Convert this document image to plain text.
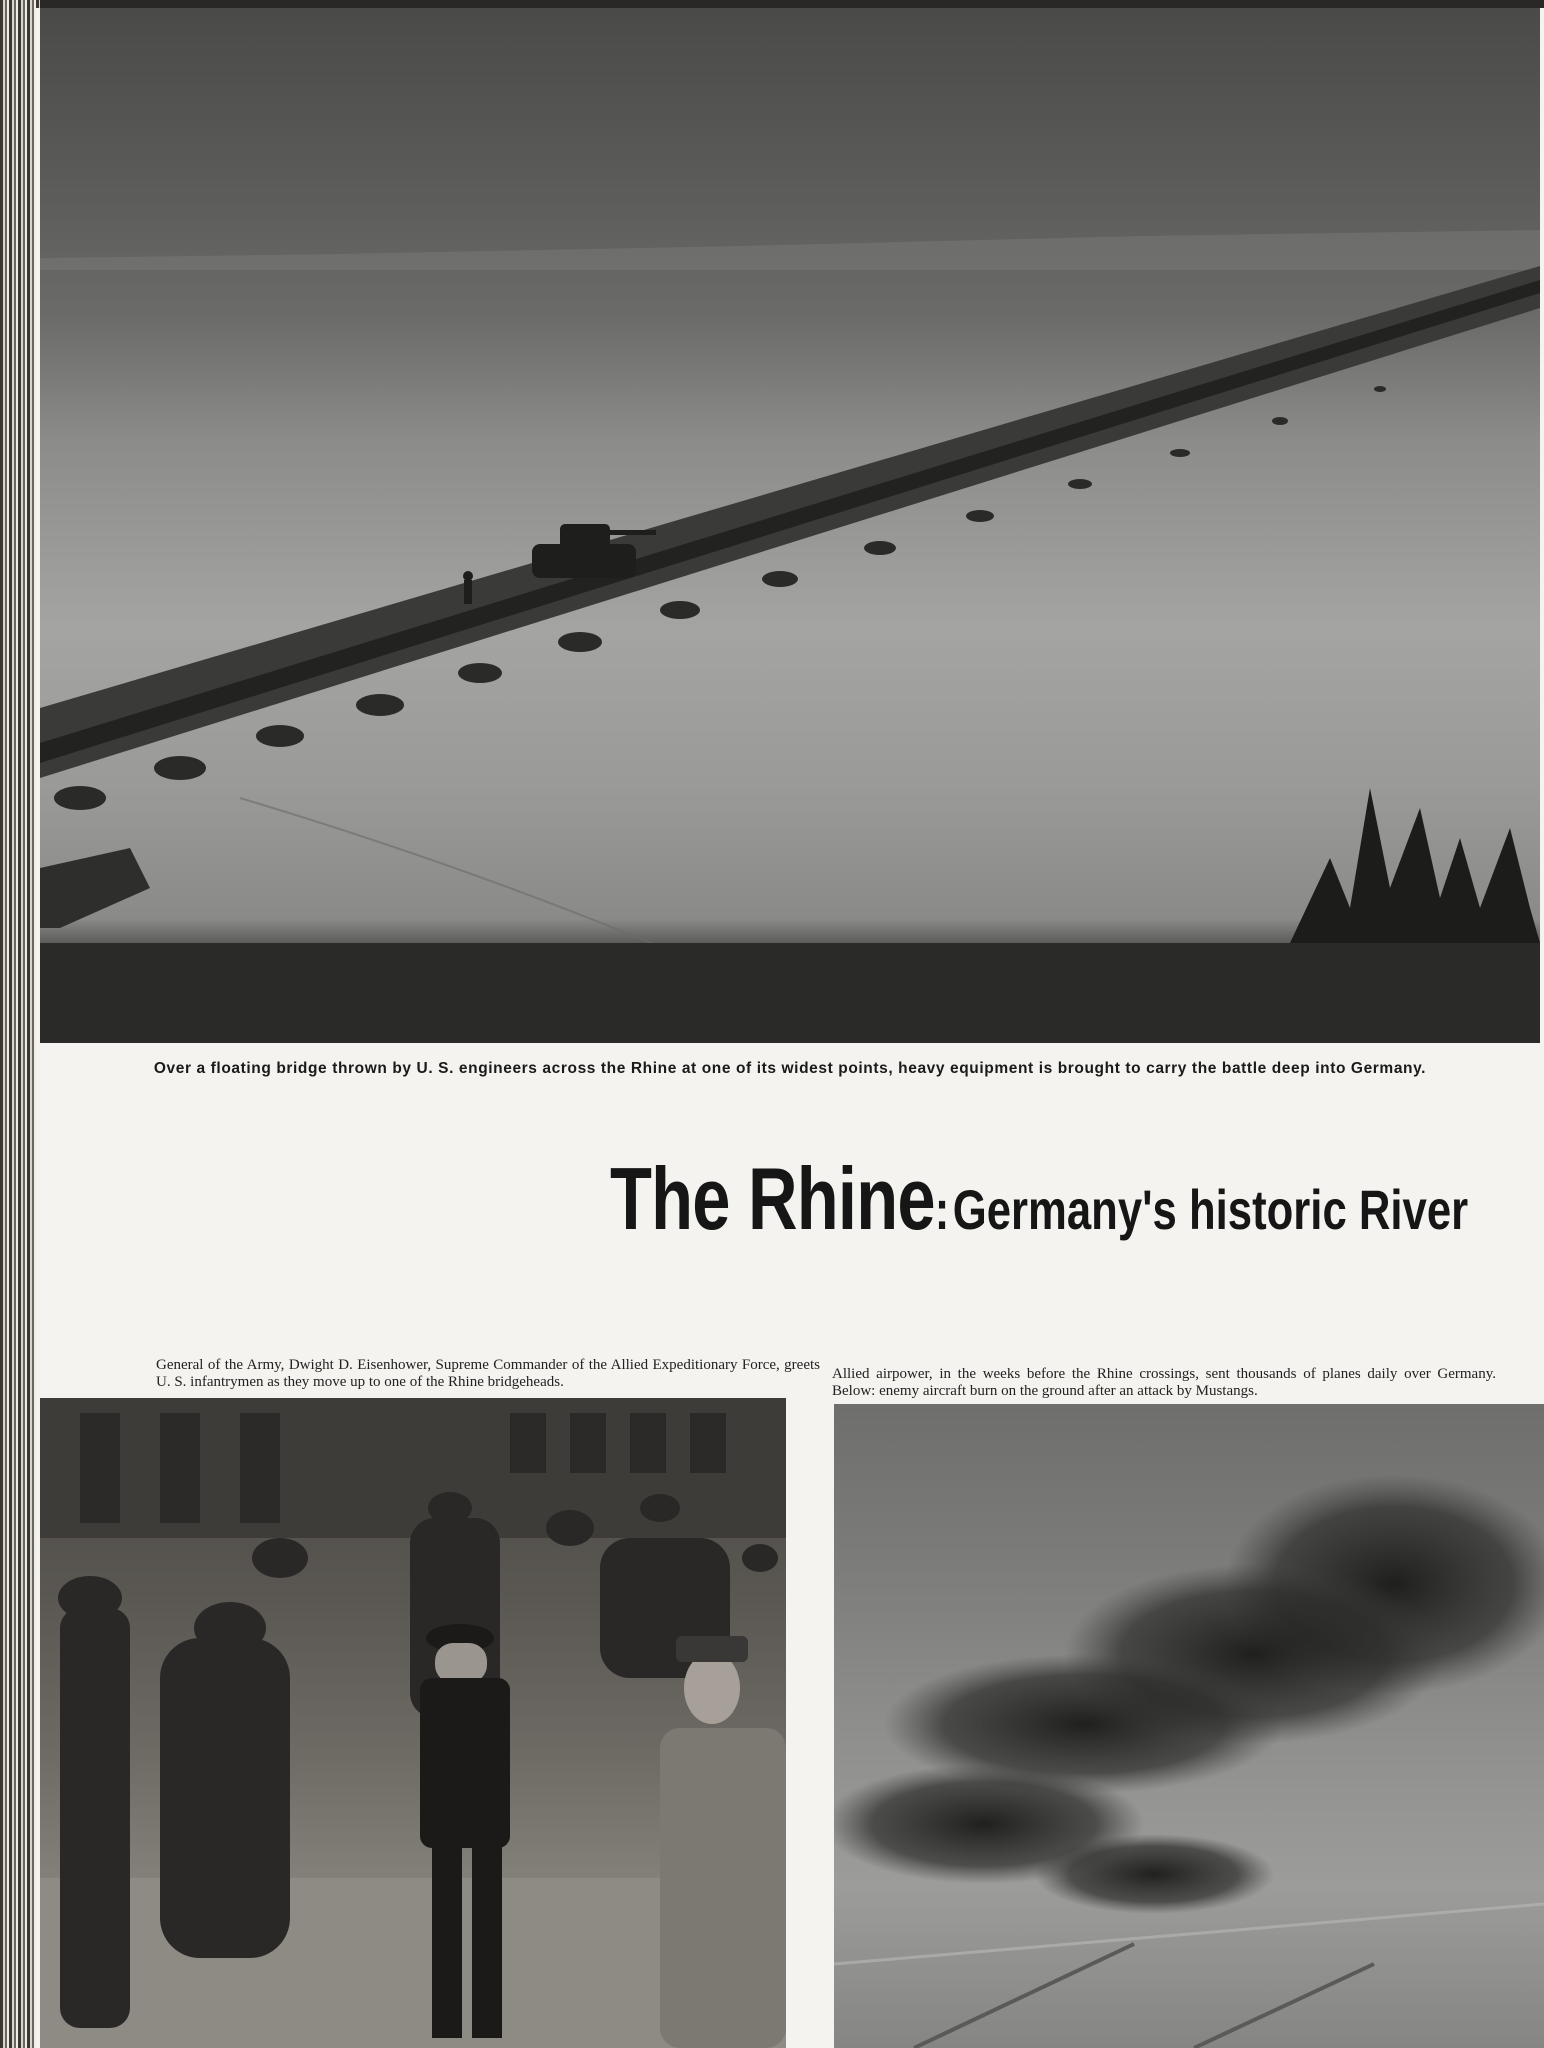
Over a floating bridge thrown by U. S. engineers across the Rhine at one of its widest points, heavy equipment is brought to carry the battle deep into Germany.
The Rhine: Germany's historic River
General of the Army, Dwight D. Eisenhower, Supreme Commander of the Allied Expeditionary Force, greets U. S. infantrymen as they move up to one of the Rhine bridgeheads.	Allied airpower, in the weeks before the Rhine crossings, sent thousands of planes daily over Germany. Below: enemy aircraft burn on the ground after an attack by Mustangs.
